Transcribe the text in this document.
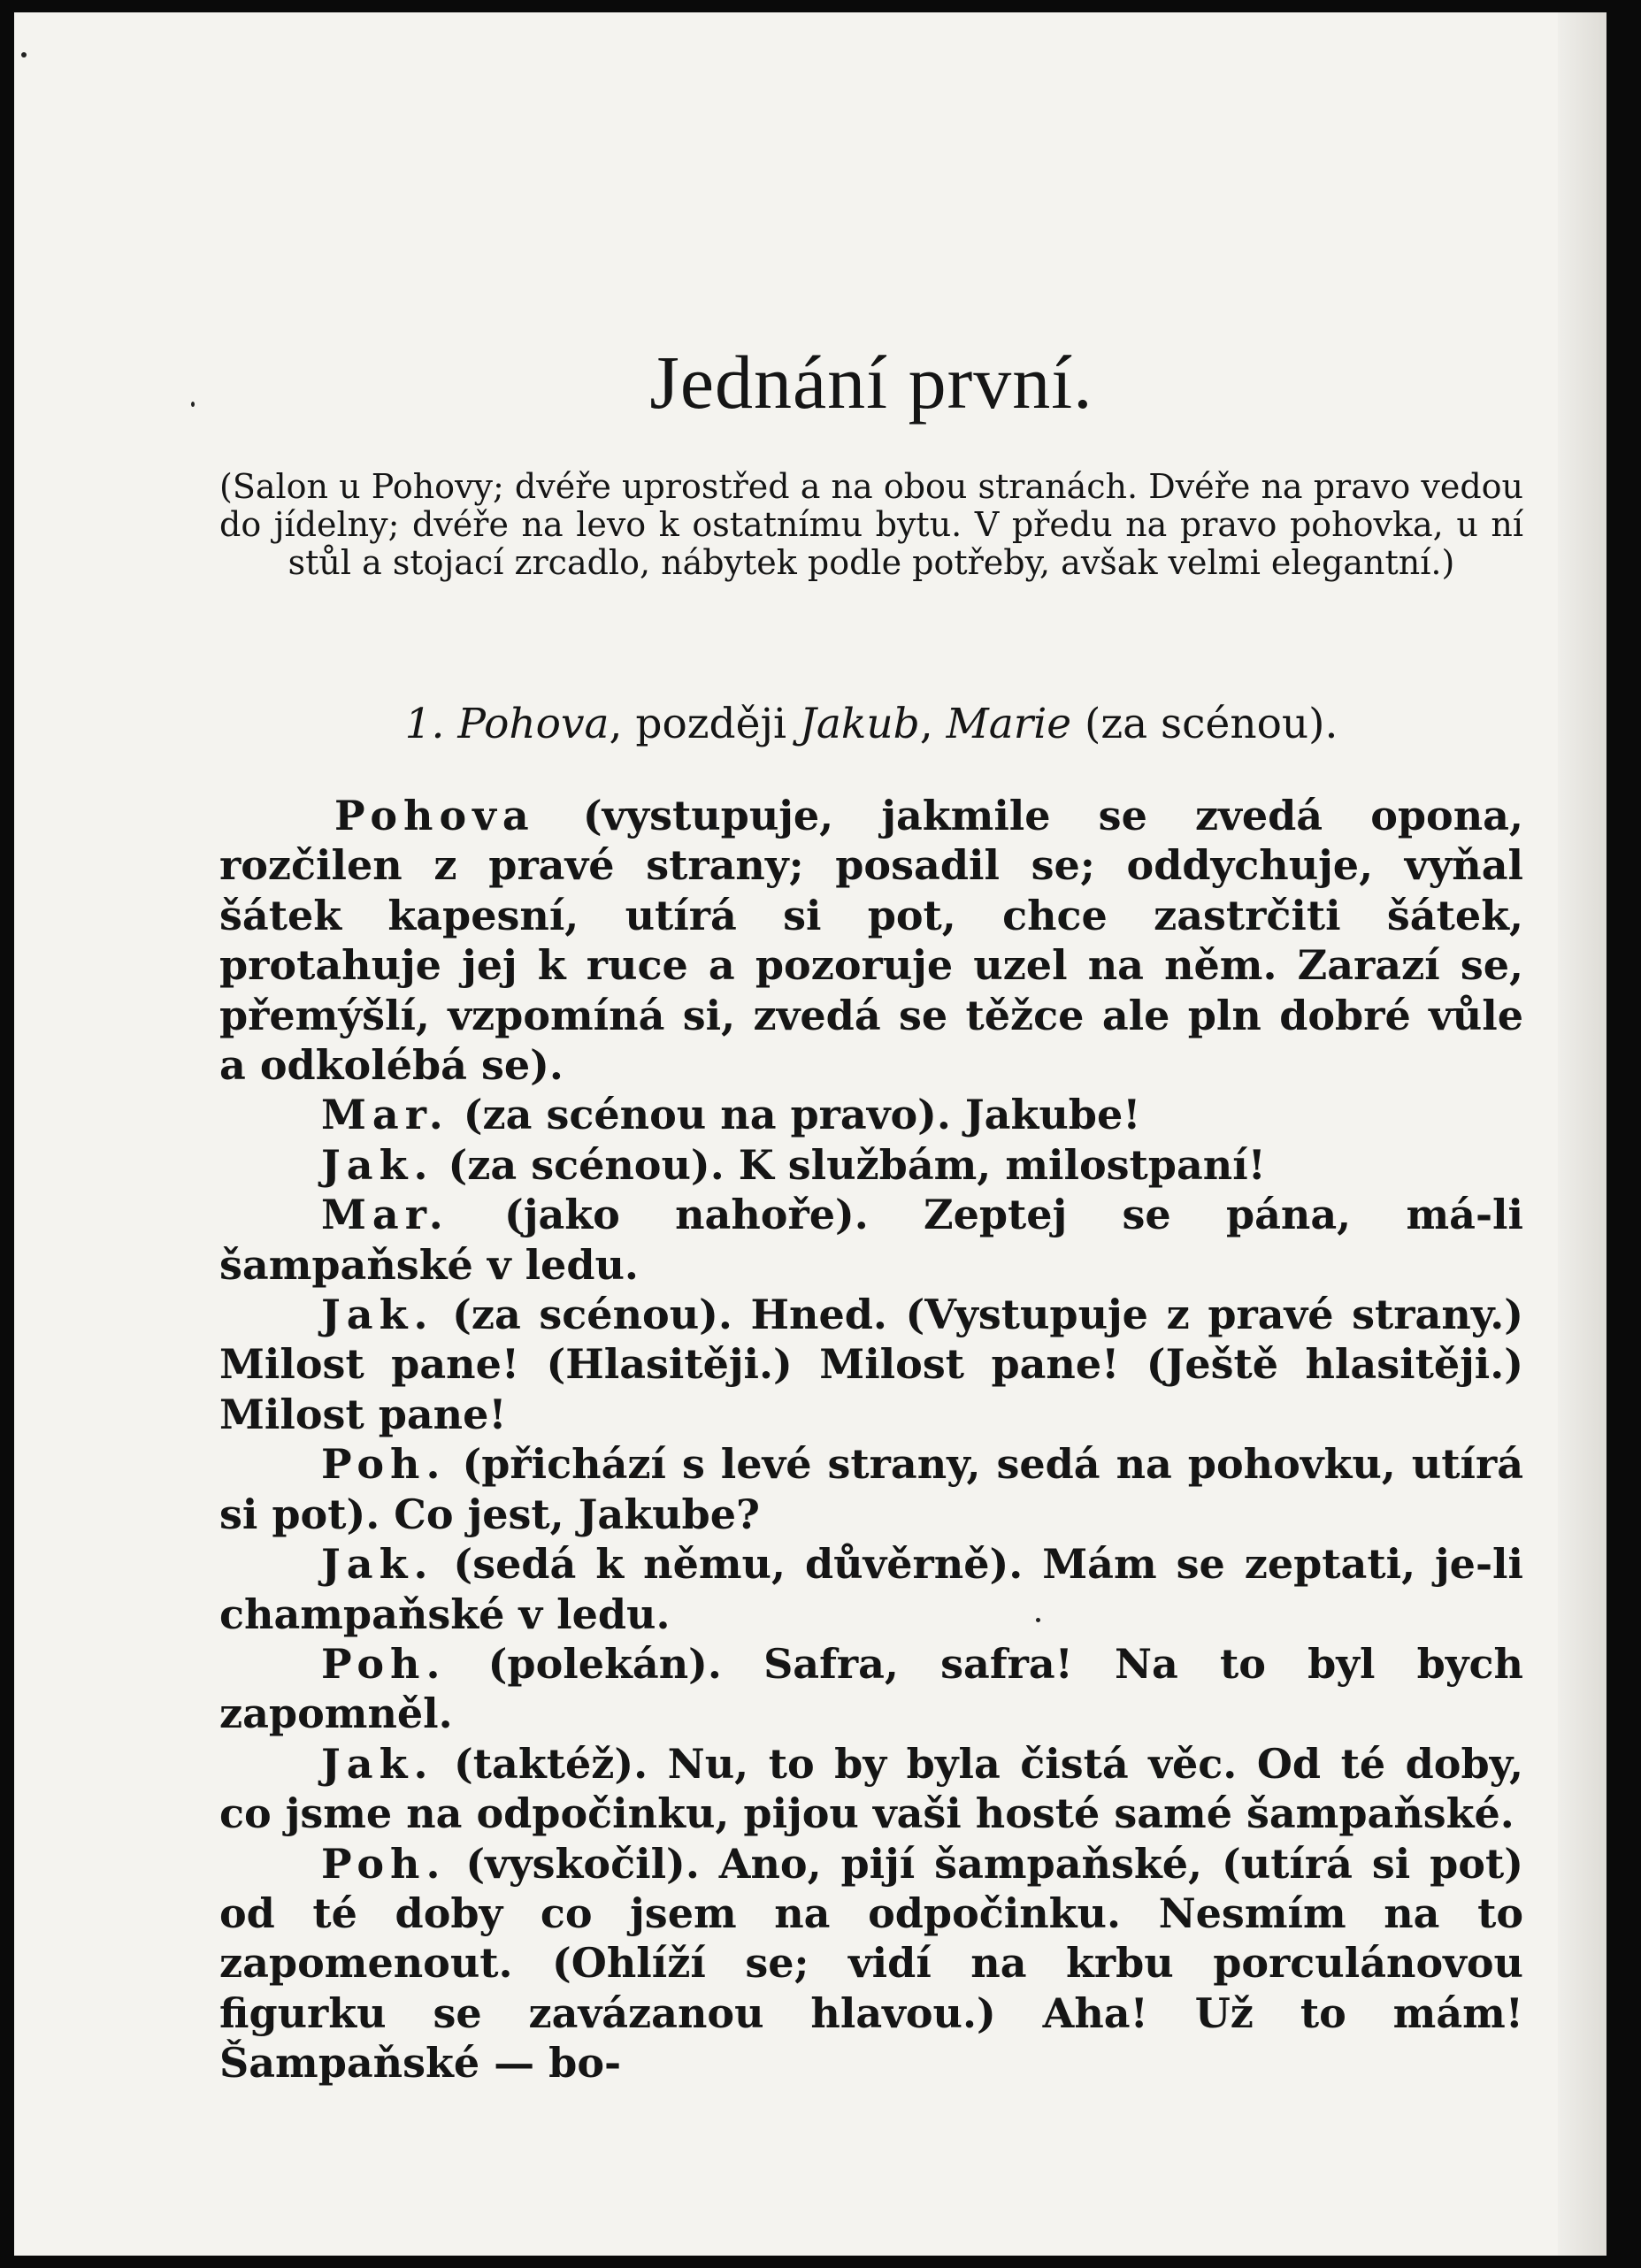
Jednání první.

(Salon u Pohovy; dvéře uprostřed a na obou stranách. Dvéře na pravo vedou do jídelny; dvéře na levo k ostatnímu bytu. V předu na pravo pohovka, u ní stůl a stojací zrcadlo, nábytek podle potřeby, avšak velmi elegantní.)

1. Pohova, později Jakub, Marie (za scénou).

Pohova (vystupuje, jakmile se zvedá opona, rozčilen z pravé strany; posadil se; oddychuje, vyňal šátek kapesní, utírá si pot, chce zastrčiti šátek, protahuje jej k ruce a pozoruje uzel na něm. Zarazí se, přemýšlí, vzpomíná si, zvedá se těžce ale pln dobré vůle a odkolébá se).

Mar. (za scénou na pravo). Jakube!

Jak. (za scénou). K službám, milostpaní!

Mar. (jako nahoře). Zeptej se pána, má-li šampaňské v ledu.

Jak. (za scénou). Hned. (Vystupuje z pravé strany.) Milost pane! (Hlasitěji.) Milost pane! (Ještě hlasitěji.) Milost pane!

Poh. (přichází s levé strany, sedá na pohovku, utírá si pot). Co jest, Jakube?

Jak. (sedá k němu, důvěrně). Mám se zeptati, je-li champaňské v ledu.

Poh. (polekán). Safra, safra! Na to byl bych zapomněl.

Jak. (taktéž). Nu, to by byla čistá věc. Od té doby, co jsme na odpočinku, pijou vaši hosté samé šampaňské.

Poh. (vyskočil). Ano, pijí šampaňské, (utírá si pot) od té doby co jsem na odpočinku. Nesmím na to zapomenout. (Ohlíží se; vidí na krbu porculánovou figurku se zavázanou hlavou.) Aha! Už to mám! Šampaňské — bo-
